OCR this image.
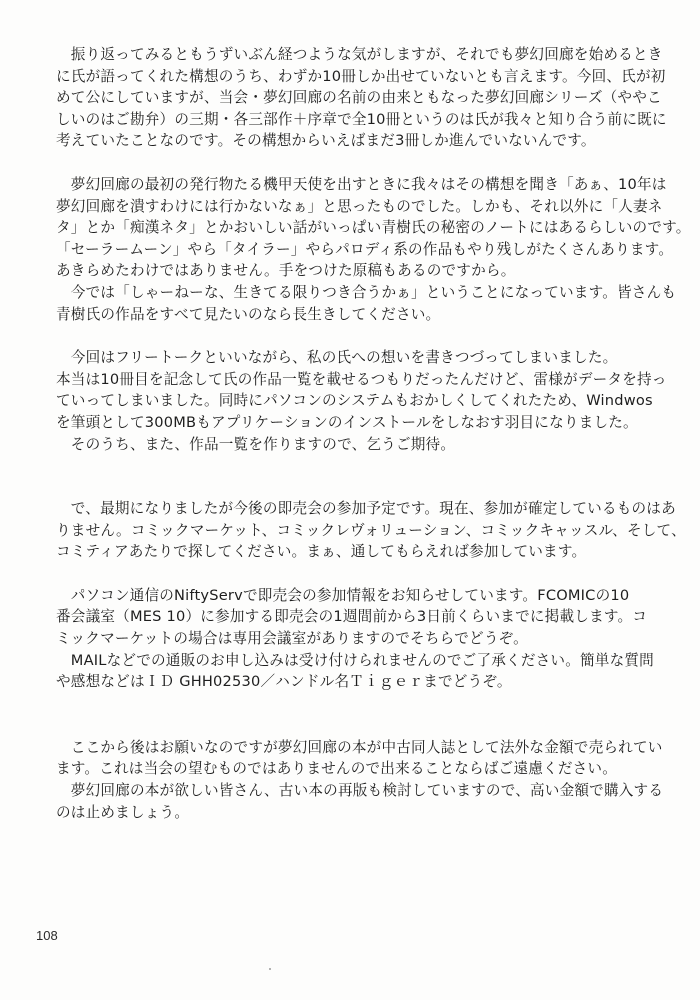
　振り返ってみるともうずいぶん経つような気がしますが、それでも夢幻回廊を始めるとき
に氏が語ってくれた構想のうち、わずか10冊しか出せていないとも言えます。今回、氏が初
めて公にしていますが、当会・夢幻回廊の名前の由来ともなった夢幻回廊シリーズ（ややこ
しいのはご勘弁）の三期・各三部作＋序章で全10冊というのは氏が我々と知り合う前に既に
考えていたことなのです。その構想からいえばまだ3冊しか進んでいないんです。

　夢幻回廊の最初の発行物たる機甲天使を出すときに我々はその構想を聞き「あぁ、10年は
夢幻回廊を潰すわけには行かないなぁ」と思ったものでした。しかも、それ以外に「人妻ネ
タ」とか「痴漢ネタ」とかおいしい話がいっぱい青樹氏の秘密のノートにはあるらしいのです。
「セーラームーン」やら「タイラー」やらパロディ系の作品もやり残しがたくさんあります。
あきらめたわけではありません。手をつけた原稿もあるのですから。
　今では「しゃーねーな、生きてる限りつき合うかぁ」ということになっています。皆さんも
青樹氏の作品をすべて見たいのなら長生きしてください。

　今回はフリートークといいながら、私の氏への想いを書きつづってしまいました。
本当は10冊目を記念して氏の作品一覧を載せるつもりだったんだけど、雷様がデータを持っ
ていってしまいました。同時にパソコンのシステムもおかしくしてくれたため、Windwos
を筆頭として300MBもアプリケーションのインストールをしなおす羽目になりました。
　そのうち、また、作品一覧を作りますので、乞うご期待。

　で、最期になりましたが今後の即売会の参加予定です。現在、参加が確定しているものはあ
りません。コミックマーケット、コミックレヴォリューション、コミックキャッスル、そして、
コミティアあたりで探してください。まぁ、通してもらえれば参加しています。

　パソコン通信のNiftyServで即売会の参加情報をお知らせしています。FCOMICの10
番会議室（MES 10）に参加する即売会の1週間前から3日前くらいまでに掲載します。コ
ミックマーケットの場合は専用会議室がありますのでそちらでどうぞ。
　MAILなどでの通販のお申し込みは受け付けられませんのでご了承ください。簡単な質問
や感想などはＩＤ GHH02530／ハンドル名Ｔｉｇｅｒまでどうぞ。

　ここから後はお願いなのですが夢幻回廊の本が中古同人誌として法外な金額で売られてい
ます。これは当会の望むものではありませんので出来ることならばご遠慮ください。
　夢幻回廊の本が欲しい皆さん、古い本の再版も検討していますので、高い金額で購入する
のは止めましょう。

108
